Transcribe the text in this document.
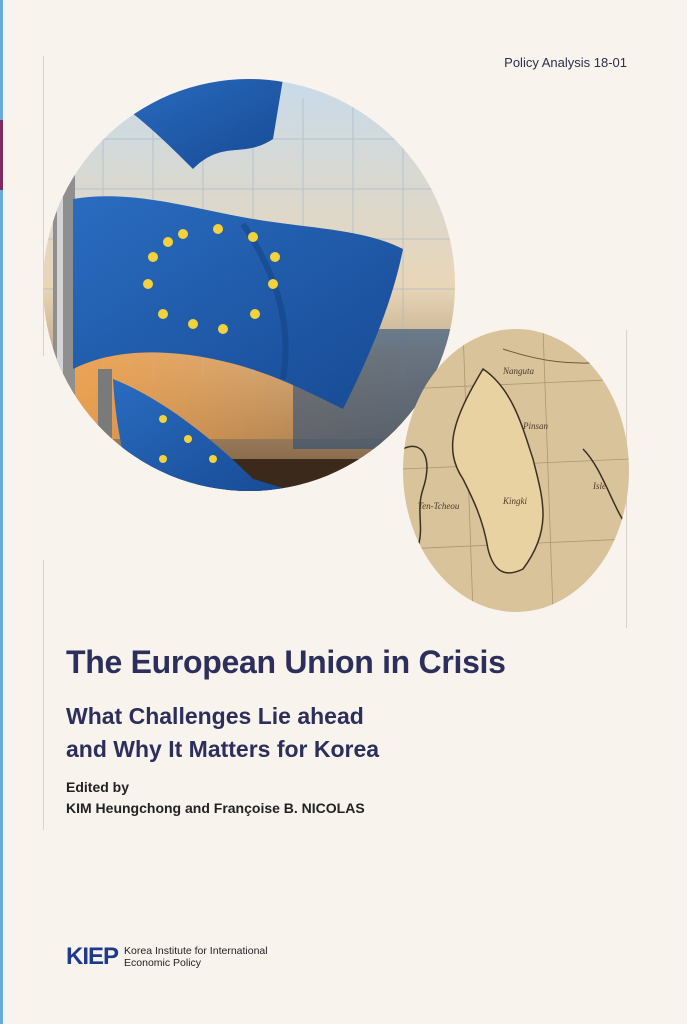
Policy Analysis 18-01
Nanguta
Pinsan
Ten-Tcheou	Kingki
Isle
The European Union in Crisis
What Challenges Lie ahead
and Why It Matters for Korea
Edited by
KIM Heungchong and Françoise B. NICOLAS
KIEP Korea Institute for International
Economic Policy
